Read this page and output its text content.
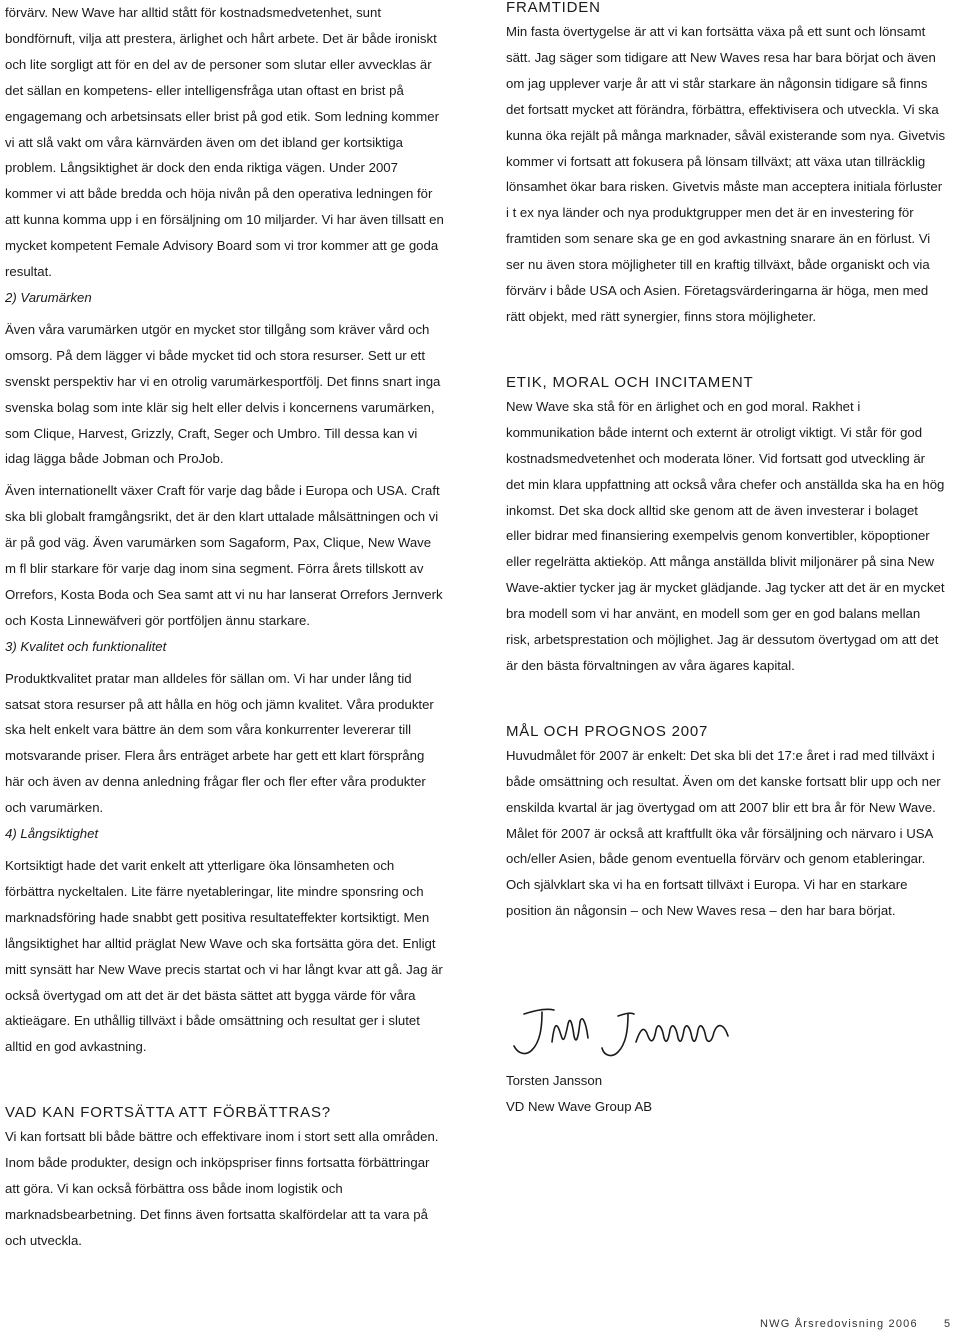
förvärv. New Wave har alltid stått för kostnadsmedvetenhet, sunt bondförnuft, vilja att prestera, ärlighet och hårt arbete. Det är både ironiskt och lite sorgligt att för en del av de personer som slutar eller avvecklas är det sällan en kompetens- eller intelligensfråga utan oftast en brist på engagemang och arbetsinsats eller brist på god etik. Som ledning kommer vi att slå vakt om våra kärnvärden även om det ibland ger kortsiktiga problem. Långsiktighet är dock den enda riktiga vägen. Under 2007 kommer vi att både bredda och höja nivån på den operativa ledningen för att kunna komma upp i en försäljning om 10 miljarder. Vi har även tillsatt en mycket kompetent Female Advisory Board som vi tror kommer att ge goda resultat.

2) Varumärken

Även våra varumärken utgör en mycket stor tillgång som kräver vård och omsorg. På dem lägger vi både mycket tid och stora resurser. Sett ur ett svenskt perspektiv har vi en otrolig varumärkesportfölj. Det finns snart inga svenska bolag som inte klär sig helt eller delvis i koncernens varumärken, som Clique, Harvest, Grizzly, Craft, Seger och Umbro. Till dessa kan vi idag lägga både Jobman och ProJob.

Även internationellt växer Craft för varje dag både i Europa och USA. Craft ska bli globalt framgångsrikt, det är den klart uttalade målsättningen och vi är på god väg. Även varumärken som Sagaform, Pax, Clique, New Wave m fl blir starkare för varje dag inom sina segment. Förra årets tillskott av Orrefors, Kosta Boda och Sea samt att vi nu har lanserat Orrefors Jernverk och Kosta Linnewäfveri gör portföljen ännu starkare.

3) Kvalitet och funktionalitet

Produktkvalitet pratar man alldeles för sällan om. Vi har under lång tid satsat stora resurser på att hålla en hög och jämn kvalitet. Våra produkter ska helt enkelt vara bättre än dem som våra konkurrenter levererar till motsvarande priser. Flera års enträget arbete har gett ett klart försprång här och även av denna anledning frågar fler och fler efter våra produkter och varumärken.

4) Långsiktighet

Kortsiktigt hade det varit enkelt att ytterligare öka lönsamheten och förbättra nyckeltalen. Lite färre nyetableringar, lite mindre sponsring och marknadsföring hade snabbt gett positiva resultateffekter kortsiktigt. Men långsiktighet har alltid präglat New Wave och ska fortsätta göra det. Enligt mitt synsätt har New Wave precis startat och vi har långt kvar att gå. Jag är också övertygad om att det är det bästa sättet att bygga värde för våra aktieägare. En uthållig tillväxt i både omsättning och resultat ger i slutet alltid en god avkastning.

VAD KAN FORTSÄTTA ATT FÖRBÄTTRAS?

Vi kan fortsatt bli både bättre och effektivare inom i stort sett alla områden. Inom både produkter, design och inköpspriser finns fortsatta förbättringar att göra. Vi kan också förbättra oss både inom logistik och marknadsbearbetning. Det finns även fortsatta skalfördelar att ta vara på och utveckla.

FRAMTIDEN

Min fasta övertygelse är att vi kan fortsätta växa på ett sunt och lönsamt sätt. Jag säger som tidigare att New Waves resa har bara börjat och även om jag upplever varje år att vi står starkare än någonsin tidigare så finns det fortsatt mycket att förändra, förbättra, effektivisera och utveckla. Vi ska kunna öka rejält på många marknader, såväl existerande som nya. Givetvis kommer vi fortsatt att fokusera på lönsam tillväxt; att växa utan tillräcklig lönsamhet ökar bara risken. Givetvis måste man acceptera initiala förluster i t ex nya länder och nya produktgrupper men det är en investering för framtiden som senare ska ge en god avkastning snarare än en förlust. Vi ser nu även stora möjligheter till en kraftig tillväxt, både organiskt och via förvärv i både USA och Asien. Företagsvärderingarna är höga, men med rätt objekt, med rätt synergier, finns stora möjligheter.

ETIK, MORAL OCH INCITAMENT

New Wave ska stå för en ärlighet och en god moral. Rakhet i kommunikation både internt och externt är otroligt viktigt. Vi står för god kostnadsmedvetenhet och moderata löner. Vid fortsatt god utveckling är det min klara uppfattning att också våra chefer och anställda ska ha en hög inkomst. Det ska dock alltid ske genom att de även investerar i bolaget eller bidrar med finansiering exempelvis genom konvertibler, köpoptioner eller regelrätta aktieköp. Att många anställda blivit miljonärer på sina New Wave-aktier tycker jag är mycket glädjande. Jag tycker att det är en mycket bra modell som vi har använt, en modell som ger en god balans mellan risk, arbetsprestation och möjlighet. Jag är dessutom övertygad om att det är den bästa förvaltningen av våra ägares kapital.

MÅL OCH PROGNOS 2007

Huvudmålet för 2007 är enkelt: Det ska bli det 17:e året i rad med tillväxt i både omsättning och resultat. Även om det kanske fortsatt blir upp och ner enskilda kvartal är jag övertygad om att 2007 blir ett bra år för New Wave. Målet för 2007 är också att kraftfullt öka vår försäljning och närvaro i USA och/eller Asien, både genom eventuella förvärv och genom etableringar. Och självklart ska vi ha en fortsatt tillväxt i Europa. Vi har en starkare position än någonsin – och New Waves resa – den har bara börjat.

Torsten Jansson
VD New Wave Group AB
NWG Årsredovisning 2006 5
